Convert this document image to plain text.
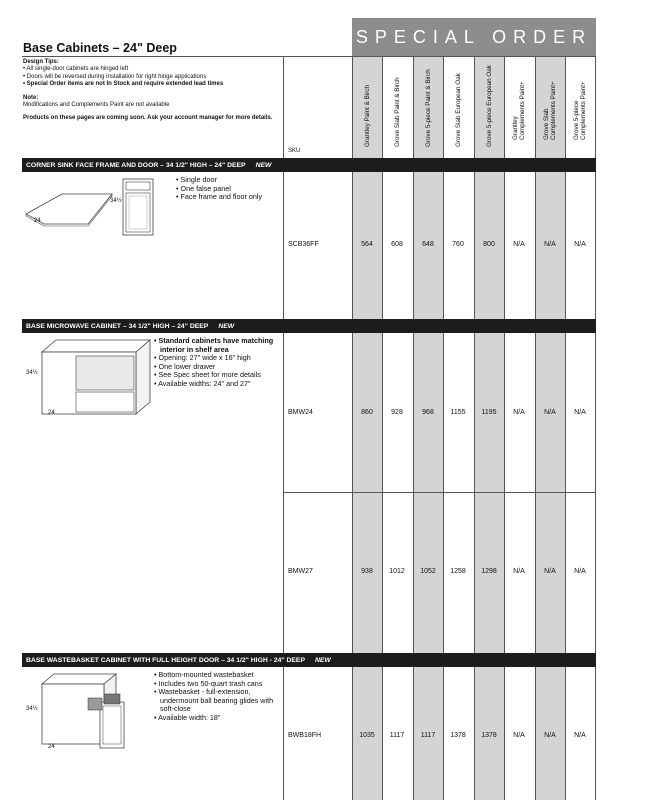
SPECIAL ORDER
Base Cabinets – 24" Deep
Design Tips:
• All single-door cabinets are hinged left
• Doors will be reversed during installation for right hinge applications
• Special Order items are not In Stock and require extended lead times
Note:
Modifications and Complements Paint are not available
Products on these pages are coming soon. Ask your account manager for more details.
SKU
Grantley Paint & Birch	Grove Slab Paint & Birch	Grove 5-piece Paint & Birch	Grove Slab European Oak	Grove 5-piece European Oak	Grantley Complements Paint+	Grove Slab Complements Paint+	Grove 5-piece Complements Paint+
CORNER SINK FACE FRAME AND DOOR – 34 1/2" HIGH – 24" DEEP NEW
24
34½
• Single door
• One false panel
• Face frame and floor only
SCB36FF	564	608	648	760	800	N/A	N/A	N/A
BASE MICROWAVE CABINET – 34 1/2" HIGH – 24" DEEP NEW
34½
24
• Standard cabinets have matching interior in shelf area
• Opening: 27" wide x 16" high
• One lower drawer
• See Spec sheet for more details
• Available widths: 24" and 27"
BMW24	860	928	968	1155	1195	N/A	N/A	N/A
BMW27	938	1012	1052	1258	1298	N/A	N/A	N/A
BASE WASTEBASKET CABINET WITH FULL HEIGHT DOOR – 34 1/2" HIGH - 24" DEEP NEW
34½
24
• Bottom-mounted wastebasket
• Includes two 50-quart trash cans
• Wastebasket - full-extension, undermount ball bearing glides with soft-close
• Available width: 18"
BWB18FH	1035	1117	1117	1378	1378	N/A	N/A	N/A
